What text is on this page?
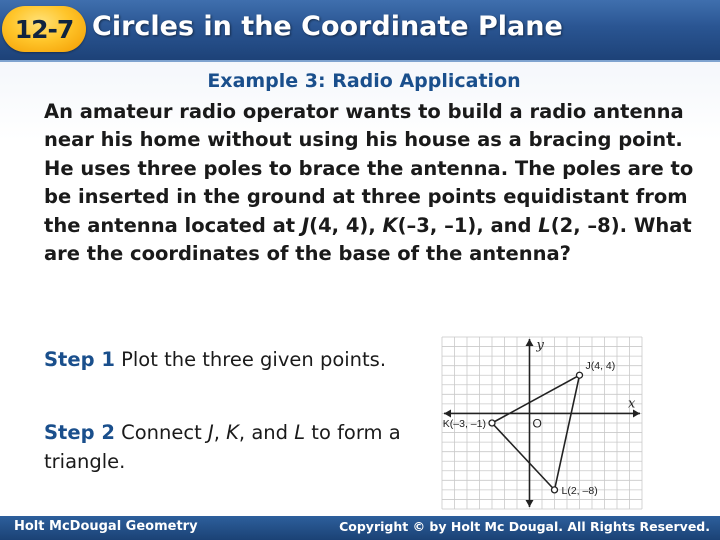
12-7 Circles in the Coordinate Plane
Example 3: Radio Application
An amateur radio operator wants to build a radio antenna near his home without using his house as a bracing point. He uses three poles to brace the antenna. The poles are to be inserted in the ground at three points equidistant from the antenna located at J(4, 4), K(–3, –1), and L(2, –8). What are the coordinates of the base of the antenna?
Step 1 Plot the three given points.
Step 2 Connect J, K, and L to form a triangle.
x
y
O
J(4, 4)
K(–3, –1)
L(2, –8)
Holt McDougal Geometry	Copyright © by Holt Mc Dougal. All Rights Reserved.
